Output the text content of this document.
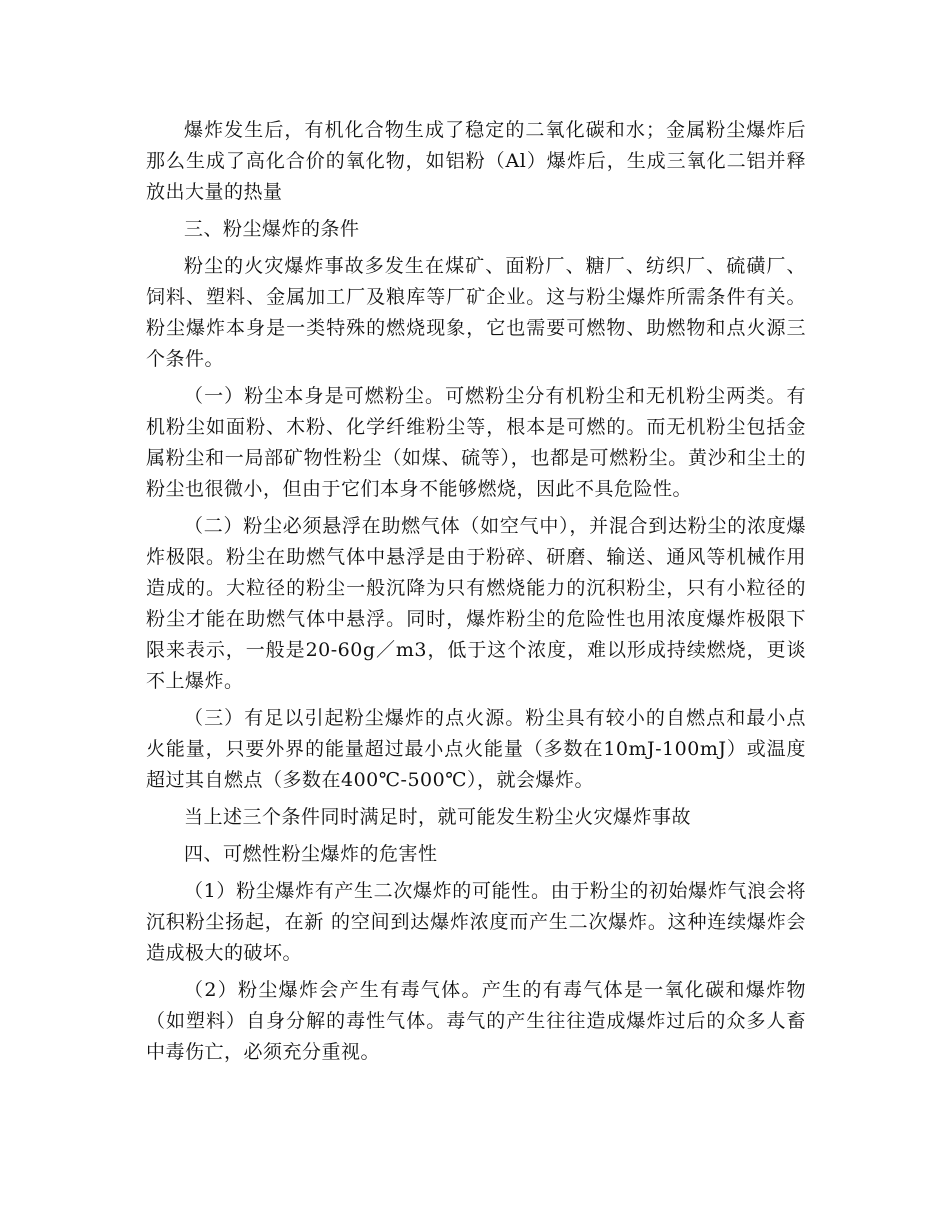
爆炸发生后，有机化合物生成了稳定的二氧化碳和水；金属粉尘爆炸后那么生成了高化合价的氧化物，如铝粉（Al）爆炸后，生成三氧化二铝并释放出大量的热量

三、粉尘爆炸的条件

粉尘的火灾爆炸事故多发生在煤矿、面粉厂、糖厂、纺织厂、硫磺厂、饲料、塑料、金属加工厂及粮库等厂矿企业。这与粉尘爆炸所需条件有关。粉尘爆炸本身是一类特殊的燃烧现象，它也需要可燃物、助燃物和点火源三个条件。

（一）粉尘本身是可燃粉尘。可燃粉尘分有机粉尘和无机粉尘两类。有机粉尘如面粉、木粉、化学纤维粉尘等，根本是可燃的。而无机粉尘包括金属粉尘和一局部矿物性粉尘（如煤、硫等），也都是可燃粉尘。黄沙和尘土的粉尘也很微小，但由于它们本身不能够燃烧，因此不具危险性。

（二）粉尘必须悬浮在助燃气体（如空气中），并混合到达粉尘的浓度爆炸极限。粉尘在助燃气体中悬浮是由于粉碎、研磨、输送、通风等机械作用造成的。大粒径的粉尘一般沉降为只有燃烧能力的沉积粉尘，只有小粒径的粉尘才能在助燃气体中悬浮。同时，爆炸粉尘的危险性也用浓度爆炸极限下限来表示，一般是20-60g／m3，低于这个浓度，难以形成持续燃烧，更谈不上爆炸。

（三）有足以引起粉尘爆炸的点火源。粉尘具有较小的自燃点和最小点火能量，只要外界的能量超过最小点火能量（多数在10mJ-100mJ）或温度超过其自燃点（多数在400℃-500℃），就会爆炸。

当上述三个条件同时满足时，就可能发生粉尘火灾爆炸事故

四、可燃性粉尘爆炸的危害性

（1）粉尘爆炸有产生二次爆炸的可能性。由于粉尘的初始爆炸气浪会将沉积粉尘扬起，在新 的空间到达爆炸浓度而产生二次爆炸。这种连续爆炸会造成极大的破坏。

（2）粉尘爆炸会产生有毒气体。产生的有毒气体是一氧化碳和爆炸物（如塑料）自身分解的毒性气体。毒气的产生往往造成爆炸过后的众多人畜中毒伤亡，必须充分重视。
